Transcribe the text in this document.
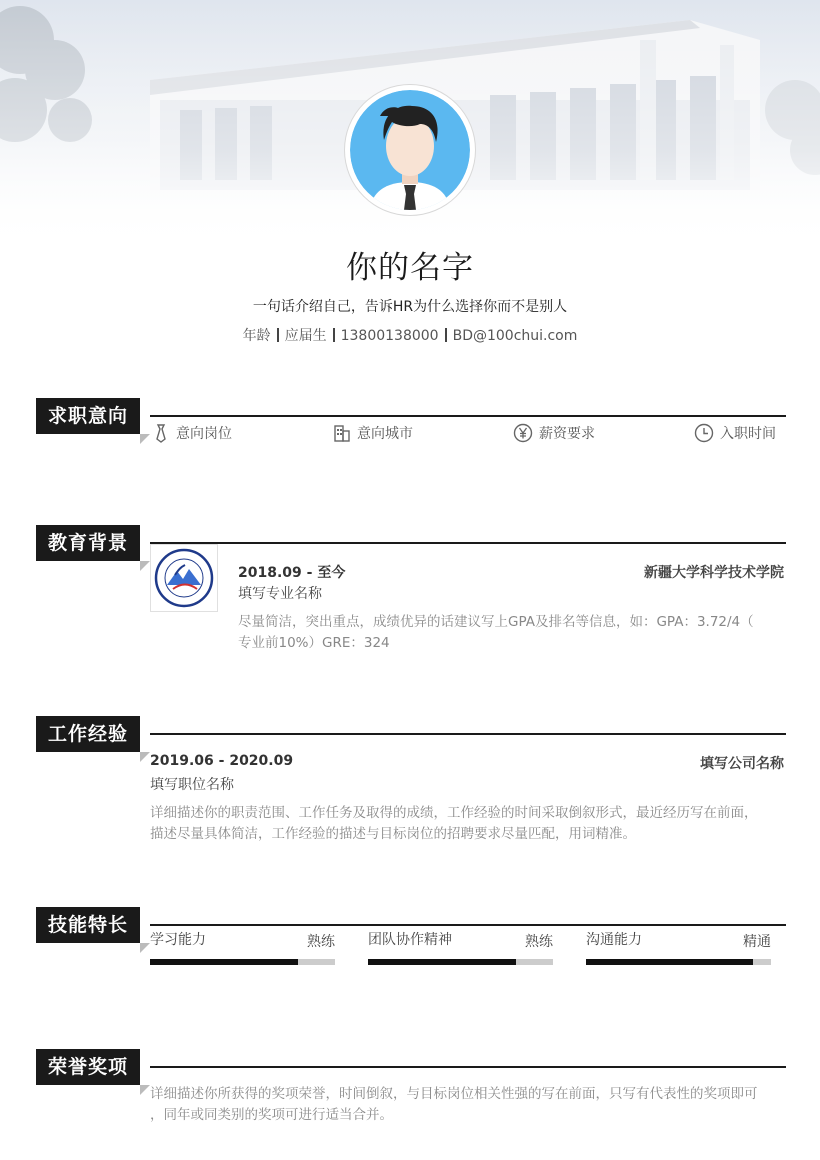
你的名字
一句话介绍自己，告诉HR为什么选择你而不是别人
年龄 应届生 13800138000 BD@100chui.com
求职意向
意向岗位	意向城市	薪资要求	入职时间
教育背景
2018.09 - 至今	新疆大学科学技术学院
填写专业名称
尽量简洁，突出重点，成绩优异的话建议写上GPA及排名等信息，如：GPA：3.72/4（
专业前10%）GRE：324
工作经验
2019.06 - 2020.09	填写公司名称
填写职位名称
详细描述你的职责范围、工作任务及取得的成绩，工作经验的时间采取倒叙形式，最近经历写在前面，
描述尽量具体简洁，工作经验的描述与目标岗位的招聘要求尽量匹配，用词精准。
技能特长
学习能力	熟练 团队协作精神	熟练 沟通能力	精通
荣誉奖项
详细描述你所获得的奖项荣誉，时间倒叙，与目标岗位相关性强的写在前面，只写有代表性的奖项即可
，同年或同类别的奖项可进行适当合并。
